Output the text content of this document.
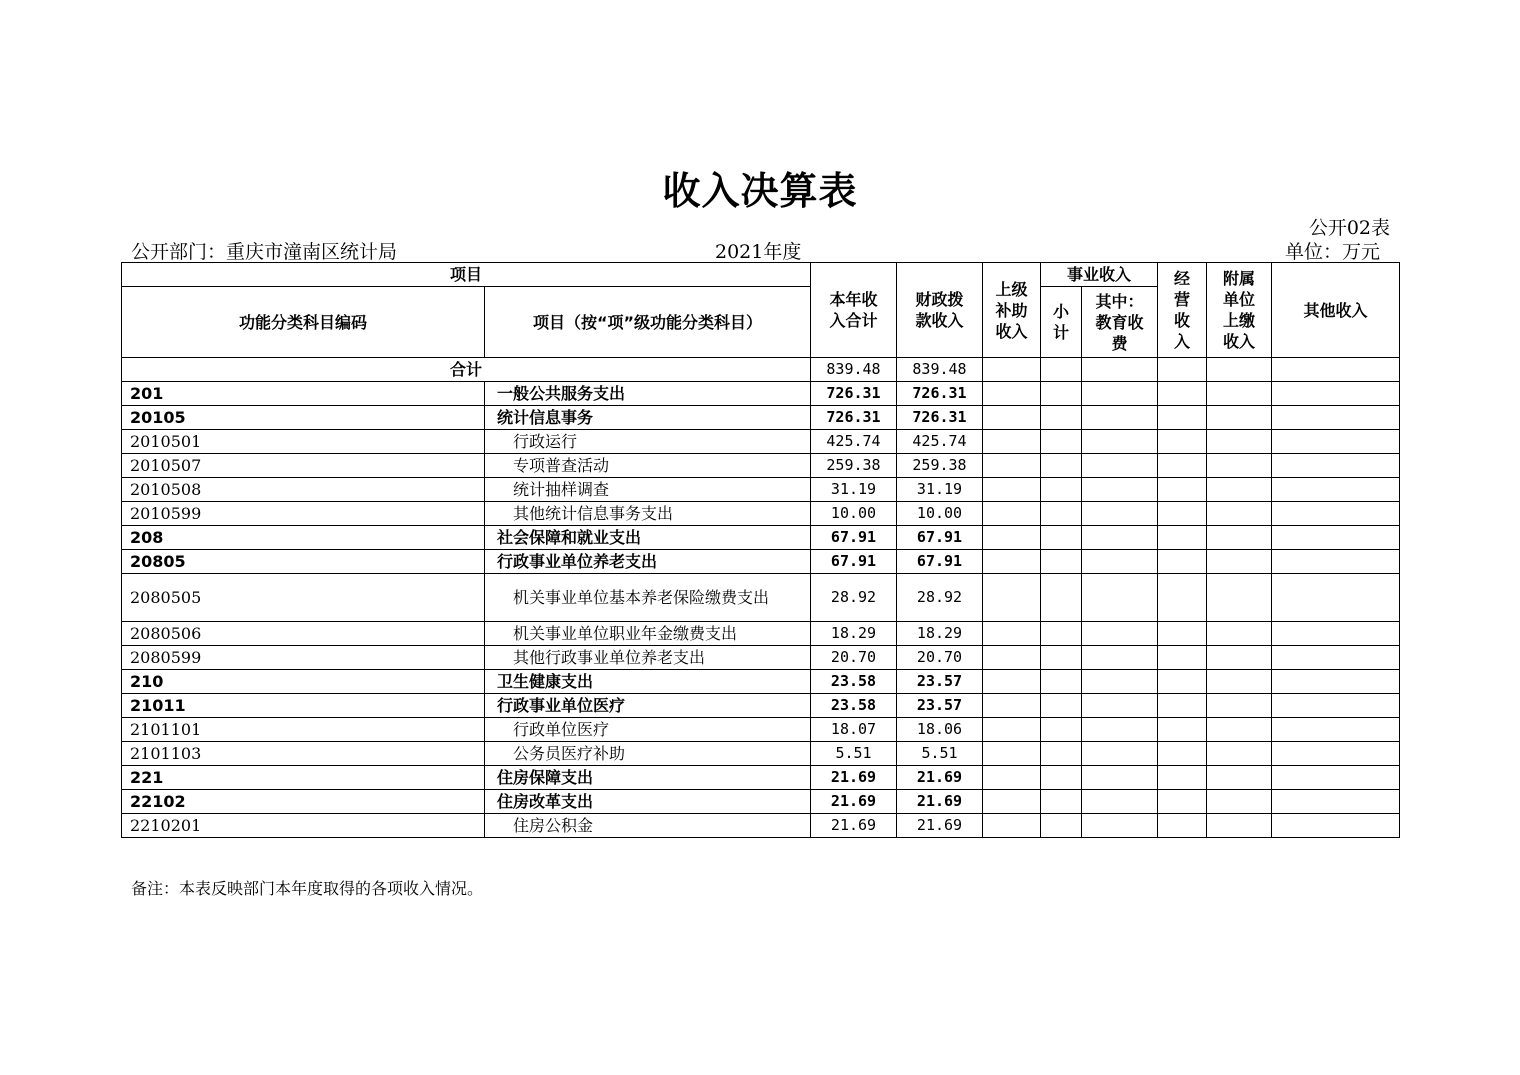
收入决算表
公开02表
公开部门：重庆市潼南区统计局	2021年度	单位：万元
项目		本年收入合计	财政拨款收入	上级补助收入	事业收入		经营收入	附属单位上缴收入	其他收入
功能分类科目编码	项目（按“项”级功能分类科目）								

					小计	其中：教育收费			

合计		839.48	839.48						
201	一般公共服务支出	726.31	726.31						
20105	统计信息事务	726.31	726.31						
2010501	行政运行	425.74	425.74						
2010507	专项普查活动	259.38	259.38						
2010508	统计抽样调查	31.19	31.19						
2010599	其他统计信息事务支出	10.00	10.00						
208	社会保障和就业支出	67.91	67.91						
20805	行政事业单位养老支出	67.91	67.91						
2080505	机关事业单位基本养老保险缴费支出	28.92	28.92						
2080506	机关事业单位职业年金缴费支出	18.29	18.29						
2080599	其他行政事业单位养老支出	20.70	20.70						
210	卫生健康支出	23.58	23.57						
21011	行政事业单位医疗	23.58	23.57						
2101101	行政单位医疗	18.07	18.06						
2101103	公务员医疗补助	5.51	5.51						
221	住房保障支出	21.69	21.69						
22102	住房改革支出	21.69	21.69						
2210201	住房公积金	21.69	21.69						
备注：本表反映部门本年度取得的各项收入情况。
